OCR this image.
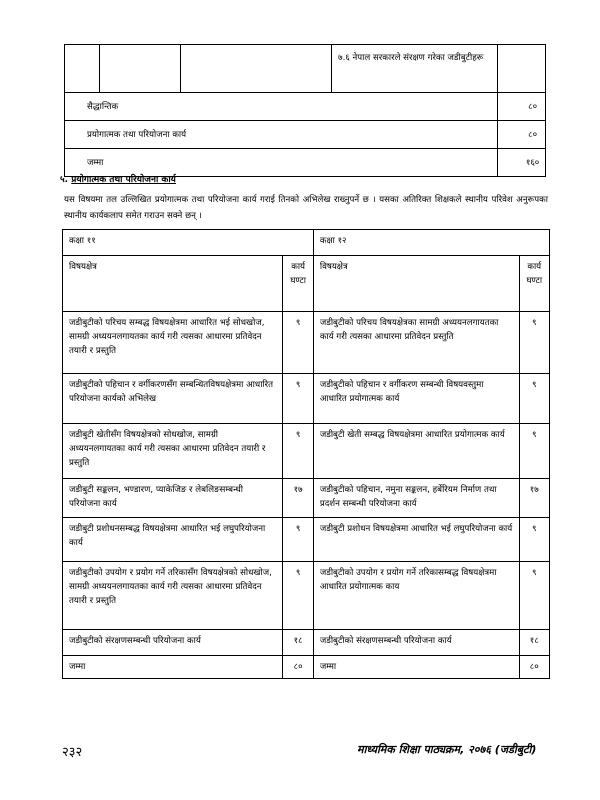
			७.६ नेपाल सरकारले संरक्षण गरेका जडीबुटीहरू	
सैद्धान्तिक				८०
प्रयोगात्मक तथा परियोजना कार्य				८०
जम्मा				१६०
५. प्रयोगात्मक तथा परियोजना कार्य
यस विषयमा तल उल्लिखित प्रयोगात्मक तथा परियोजना कार्य गराई तिनको अभिलेख राख्नुपर्ने छ । यसका अतिरिक्त शिक्षकले स्थानीय परिवेश अनुरूपका स्थानीय कार्यकलाप समेत गराउन सक्ने छन् ।
कक्षा ११		कक्षा १२	
विषयक्षेत्र	कार्य घण्टा	विषयक्षेत्र	कार्य घण्टा
जडीबुटीको परिचय सम्बद्ध विषयक्षेत्रमा आधारित भई सोधखोज, सामग्री अध्ययनलगायतका कार्य गरी त्यसका आधारमा प्रतिवेदन तयारी र प्रस्तुति	९	जडीबुटीको परिचय विषयक्षेत्रका सामग्री अध्ययनलगायतका कार्य गरी त्यसका आधारमा प्रतिवेदन प्रस्तुति	९
जडीबुटीको पहिचान र वर्गीकरणसँग सम्बन्धितविषयक्षेत्रमा आधारित परियोजना कार्यको अभिलेख	९	जडीबुटीको पहिचान र वर्गीकरण सम्बन्धी विषयवस्तुमा आधारित प्रयोगात्मक कार्य	९
जडीबुटी खेतीसँग विषयक्षेत्रको सोधखोज, सामग्री अध्ययनलगायतका कार्य गरी त्यसका आधारमा प्रतिवेदन तयारी र प्रस्तुति	९	जडीबुटी खेती सम्बद्ध विषयक्षेत्रमा आधारित प्रयोगात्मक कार्य	९
जडीबुटी सङ्कलन, भण्डारण, प्याकेजिङ र लेबलिङसम्बन्धी परियोजना कार्य	१७	जडीबुटीको पहिचान, नमुना सङ्कलन, हर्बेरियम निर्माण तथा प्रदर्शन सम्बन्धी परियोजना कार्य	१७
जडीबुटी प्रशोधनसम्बद्ध विषयक्षेत्रमा आधारित भई लघुपरियोजना कार्य	९	जडीबुटी प्रशोधन विषयक्षेत्रमा आधारित भई लघुपरियोजना कार्य	९
जडीबुटीको उपयोग र प्रयोग गर्ने तरिकासँग विषयक्षेत्रको सोधखोज, सामग्री अध्ययनलगायतका कार्य गरी त्यसका आधारमा प्रतिवेदन तयारी र प्रस्तुति	९	जडीबुटीको उपयोग र प्रयोग गर्ने तरिकासम्बद्ध विषयक्षेत्रमा आधारित प्रयोगात्मक काय	९
जडीबुटीको संरक्षणसम्बन्धी परियोजना कार्य	१८	जडीबुटीको संरक्षणसम्बन्धी परियोजना कार्य	१८
जम्मा	८०	जम्मा	८०
२३२	माध्यमिक शिक्षा पाठ्यक्रम, २०७६ (जडीबुटी)
